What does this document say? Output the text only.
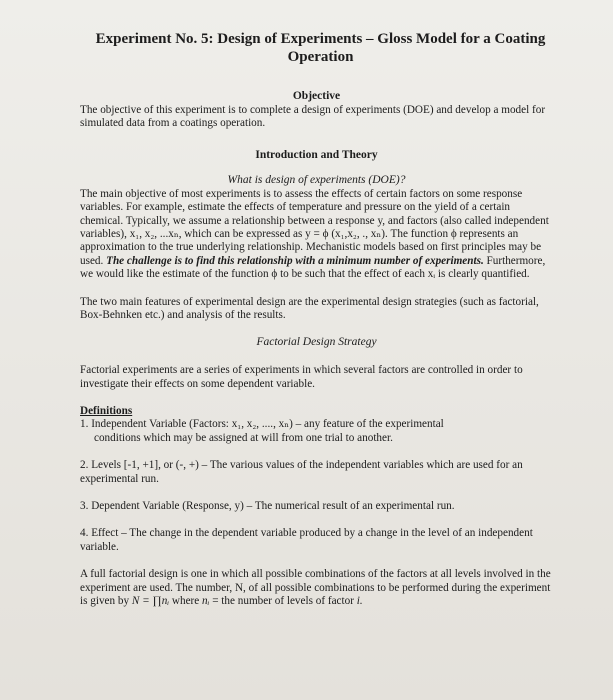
Experiment No. 5: Design of Experiments – Gloss Model for a Coating
Operation
Objective

The objective of this experiment is to complete a design of experiments (DOE) and develop a model for simulated data from a coatings operation.

Introduction and Theory
What is design of experiments (DOE)?

The main objective of most experiments is to assess the effects of certain factors on some response variables. For example, estimate the effects of temperature and pressure on the yield of a certain chemical. Typically, we assume a relationship between a response y, and factors (also called independent variables), x₁, x₂, ...xₙ, which can be expressed as y = ϕ (x₁,x₂, ., xₙ). The function ϕ represents an approximation to the true underlying relationship. Mechanistic models based on first principles may be used. The challenge is to find this relationship with a minimum number of experiments. Furthermore, we would like the estimate of the function ϕ to be such that the effect of each xᵢ is clearly quantified.

The two main features of experimental design are the experimental design strategies (such as factorial, Box-Behnken etc.) and analysis of the results.

Factorial Design Strategy

Factorial experiments are a series of experiments in which several factors are controlled in order to investigate their effects on some dependent variable.

Definitions

1. Independent Variable (Factors: x₁, x₂, ...., xₙ) – any feature of the experimental

conditions which may be assigned at will from one trial to another.

2. Levels [-1, +1], or (-, +) – The various values of the independent variables which are used for an experimental run.

3. Dependent Variable (Response, y) – The numerical result of an experimental run.

4. Effect – The change in the dependent variable produced by a change in the level of an independent variable.

A full factorial design is one in which all possible combinations of the factors at all levels involved in the experiment are used. The number, N, of all possible combinations to be performed during the experiment is given by N = ∏nᵢ where nᵢ = the number of levels of factor i.
